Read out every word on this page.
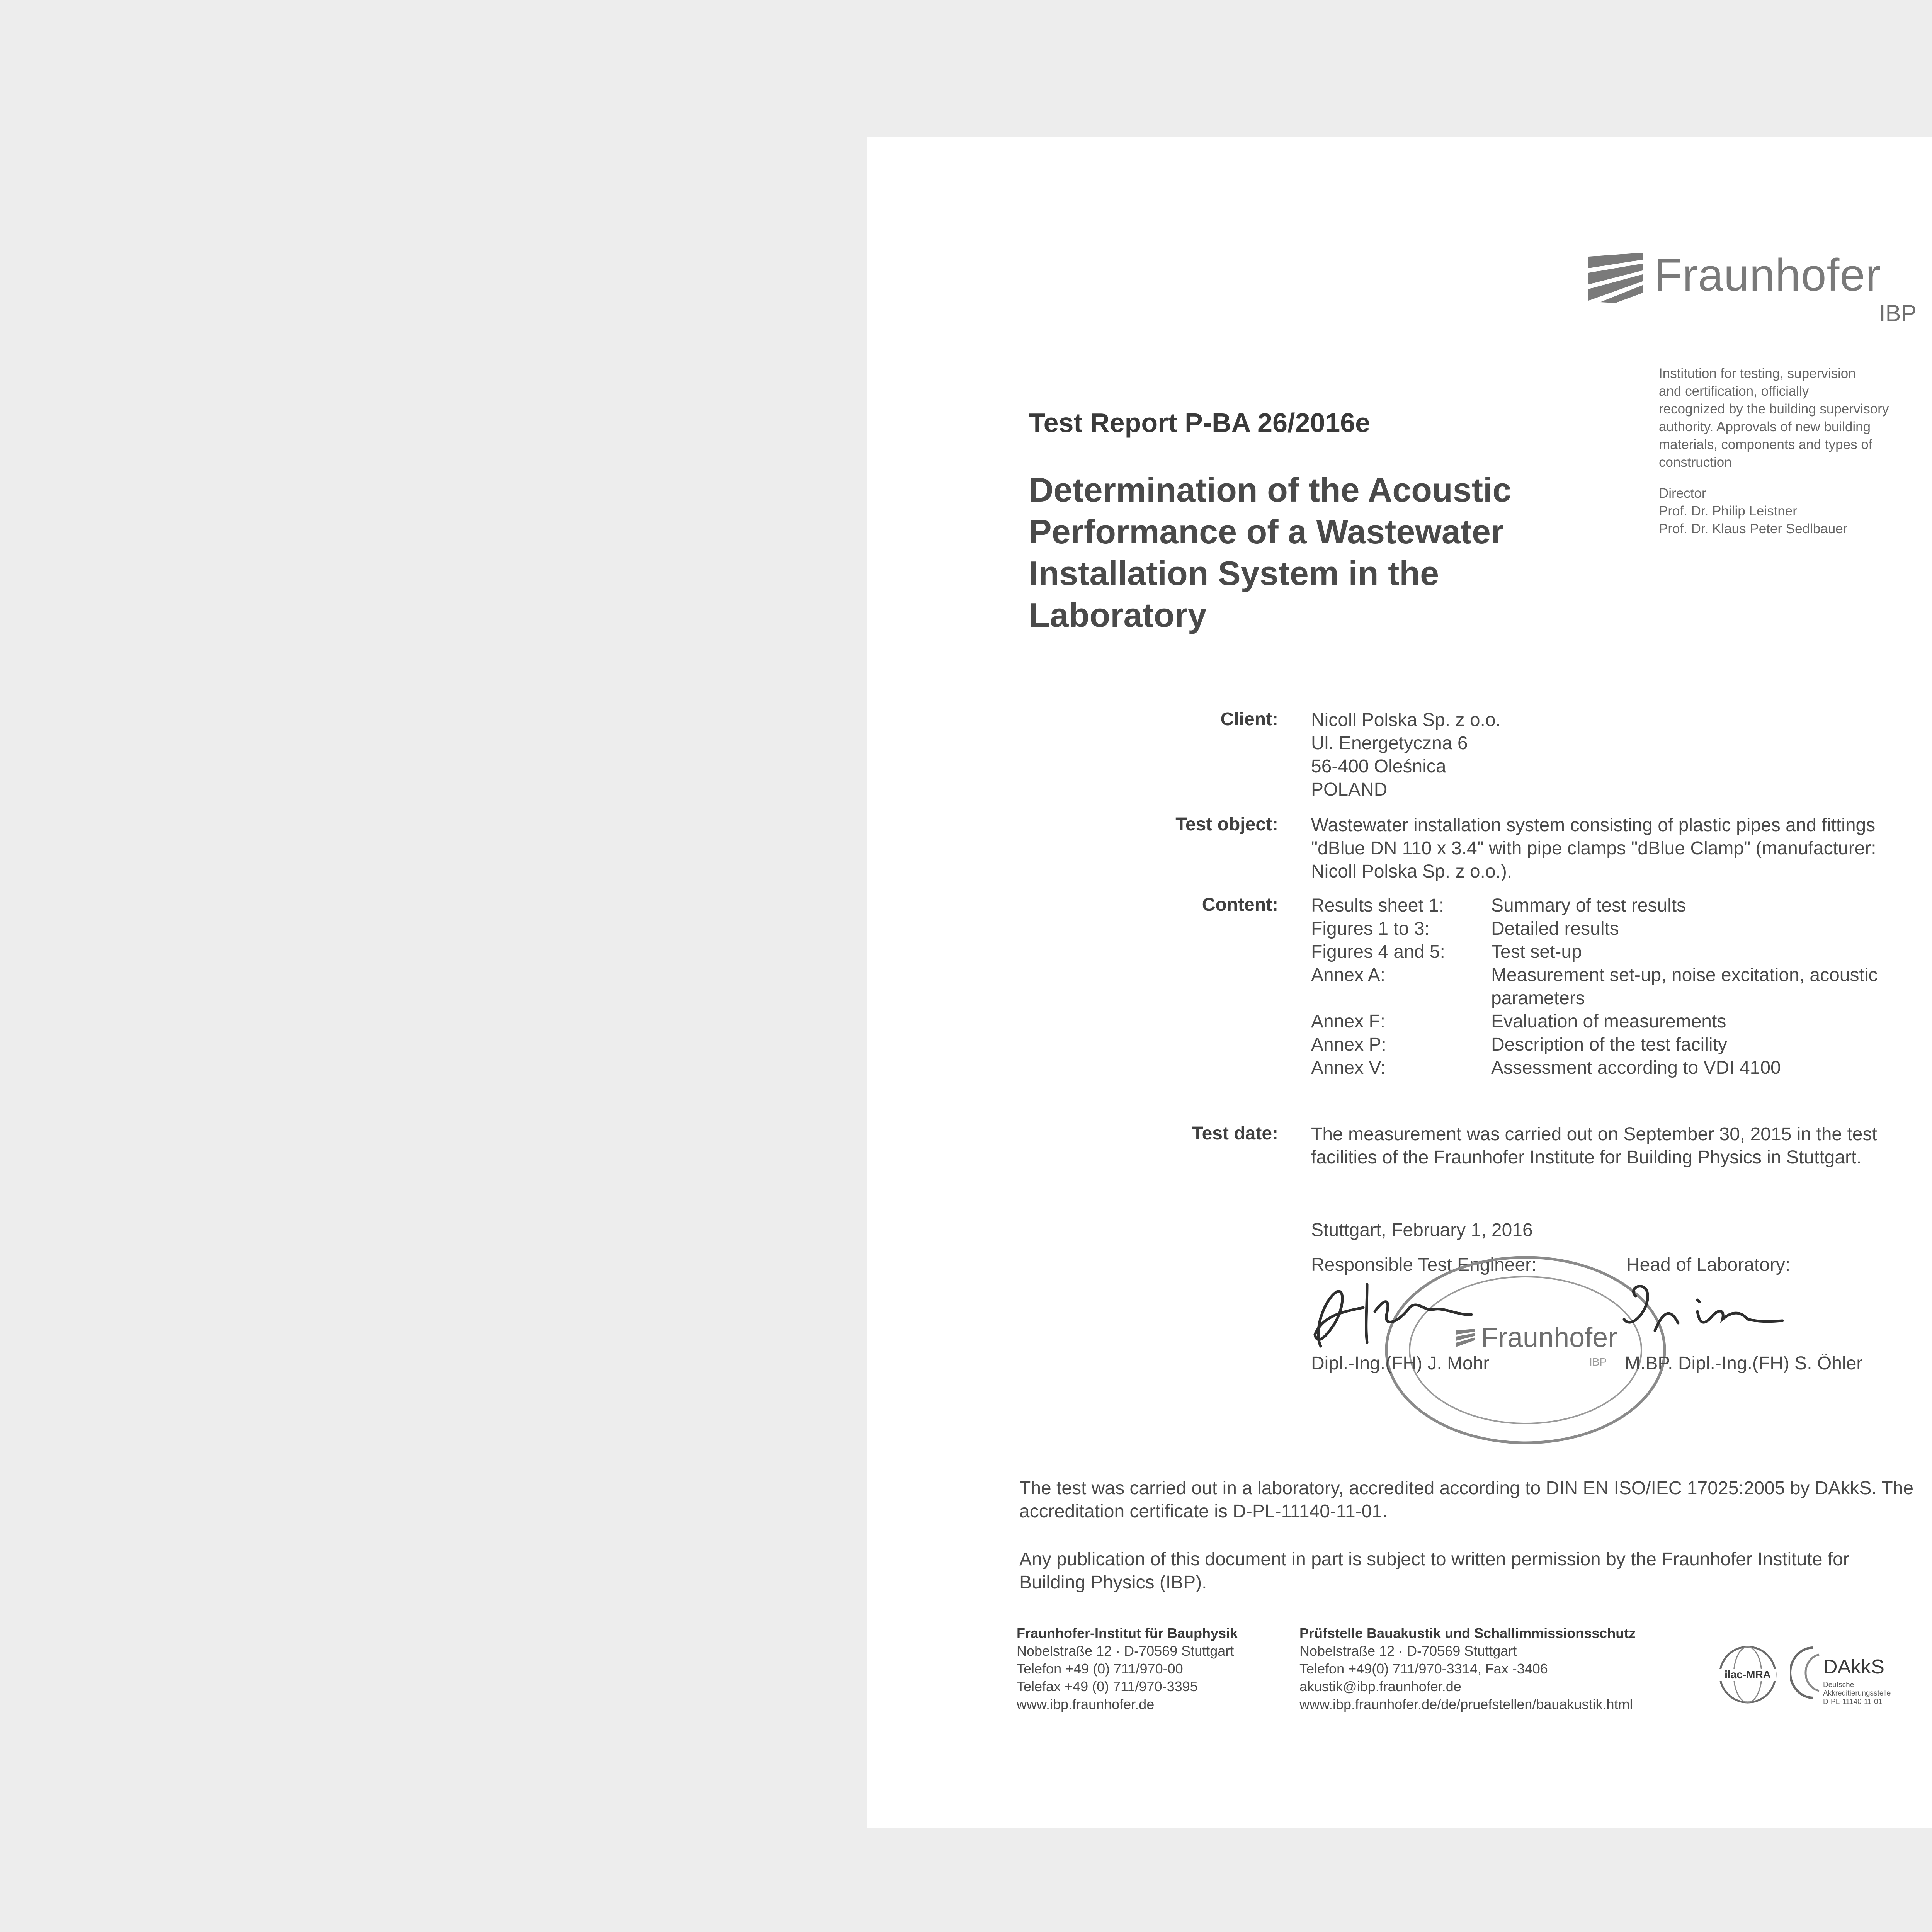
Fraunhofer
IBP
Institution for testing, supervision
and certification, officially
recognized by the building supervisory
authority. Approvals of new building
materials, components and types of
construction
Director
Prof. Dr. Philip Leistner
Prof. Dr. Klaus Peter Sedlbauer
Test Report P-BA 26/2016e
Determination of the Acoustic
Performance of a Wastewater
Installation System in the
Laboratory
Client: Nicoll Polska Sp. z o.o.
Ul. Energetyczna 6
56-400 Oleśnica
POLAND
Test object: Wastewater installation system consisting of plastic pipes and fittings
"dBlue DN 110 x 3.4" with pipe clamps "dBlue Clamp" (manufacturer:
Nicoll Polska Sp. z o.o.).
Content: Results sheet 1:	Summary of test results
Figures 1 to 3:	Detailed results
Figures 4 and 5: Test set-up
Annex A:	Measurement set-up, noise excitation, acoustic parameters
Annex F:	Evaluation of measurements
Annex P:	Description of the test facility
Annex V:	Assessment according to VDI 4100
Test date: The measurement was carried out on September 30, 2015 in the test
facilities of the Fraunhofer Institute for Building Physics in Stuttgart.
Stuttgart, February 1, 2016
Responsible Test Engineer:	Head of Laboratory:
Fraunhofer
IBP
Dipl.-Ing.(FH) J. Mohr	M.BP. Dipl.-Ing.(FH) S. Öhler
The test was carried out in a laboratory, accredited according to DIN EN ISO/IEC 17025:2005 by DAkkS. The
accreditation certificate is D-PL-11140-11-01.
Any publication of this document in part is subject to written permission by the Fraunhofer Institute for
Building Physics (IBP).
Fraunhofer-Institut für Bauphysik
Nobelstraße 12 · D-70569 Stuttgart
Telefon +49 (0) 711/970-00
Telefax +49 (0) 711/970-3395
www.ibp.fraunhofer.de
Prüfstelle Bauakustik und Schallimmissionsschutz
Nobelstraße 12 · D-70569 Stuttgart
Telefon +49(0) 711/970-3314, Fax -3406
akustik@ibp.fraunhofer.de
www.ibp.fraunhofer.de/de/pruefstellen/bauakustik.html
ilac-MRA	DAkkS
Deutsche
Akkreditierungsstelle
D-PL-11140-11-01
